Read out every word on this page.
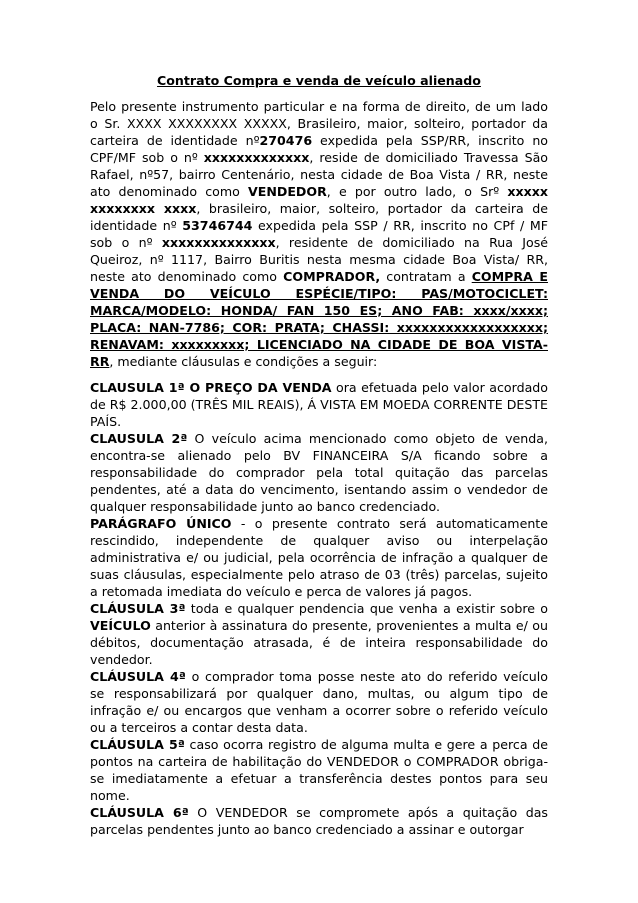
Contrato Compra e venda de veículo alienado

Pelo presente instrumento particular e na forma de direito, de um lado o Sr. XXXX XXXXXXXX XXXXX, Brasileiro, maior, solteiro, portador da carteira de identidade nº270476 expedida pela SSP/RR, inscrito no CPF/MF sob o nº xxxxxxxxxxxxx, reside de domiciliado Travessa São Rafael, nº57, bairro Centenário, nesta cidade de Boa Vista / RR, neste ato denominado como VENDEDOR, e por outro lado, o Srº xxxxx xxxxxxxx xxxx, brasileiro, maior, solteiro, portador da carteira de identidade nº 53746744 expedida pela SSP / RR, inscrito no CPf / MF sob o nº xxxxxxxxxxxxxx, residente de domiciliado na Rua José Queiroz, nº 1117, Bairro Buritis nesta mesma cidade Boa Vista/ RR, neste ato denominado como COMPRADOR, contratam a COMPRA E VENDA DO VEÍCULO ESPÉCIE/TIPO: PAS/MOTOCICLET: MARCA/MODELO: HONDA/ FAN 150 ES; ANO FAB: xxxx/xxxx; PLACA: NAN-7786; COR: PRATA; CHASSI: xxxxxxxxxxxxxxxxxx; RENAVAM: xxxxxxxxx; LICENCIADO NA CIDADE DE BOA VISTA-RR, mediante cláusulas e condições a seguir:

CLAUSULA 1ª O PREÇO DA VENDA ora efetuada pelo valor acordado de R$ 2.000,00 (TRÊS MIL REAIS), Á VISTA EM MOEDA CORRENTE DESTE PAÍS.

CLAUSULA 2ª O veículo acima mencionado como objeto de venda, encontra-se alienado pelo BV FINANCEIRA S/A ficando sobre a responsabilidade do comprador pela total quitação das parcelas pendentes, até a data do vencimento, isentando assim o vendedor de qualquer responsabilidade junto ao banco credenciado.

PARÁGRAFO ÚNICO - o presente contrato será automaticamente rescindido, independente de qualquer aviso ou interpelação administrativa e/ ou judicial, pela ocorrência de infração a qualquer de suas cláusulas, especialmente pelo atraso de 03 (três) parcelas, sujeito a retomada imediata do veículo e perca de valores já pagos.

CLÁUSULA 3ª toda e qualquer pendencia que venha a existir sobre o VEÍCULO anterior à assinatura do presente, provenientes a multa e/ ou débitos, documentação atrasada, é de inteira responsabilidade do vendedor.

CLÁUSULA 4ª o comprador toma posse neste ato do referido veículo se responsabilizará por qualquer dano, multas, ou algum tipo de infração e/ ou encargos que venham a ocorrer sobre o referido veículo ou a terceiros a contar desta data.

CLÁUSULA 5ª caso ocorra registro de alguma multa e gere a perca de pontos na carteira de habilitação do VENDEDOR o COMPRADOR obriga-se imediatamente a efetuar a transferência destes pontos para seu nome.

CLÁUSULA 6ª O VENDEDOR se compromete após a quitação das parcelas pendentes junto ao banco credenciado a assinar e outorgar
